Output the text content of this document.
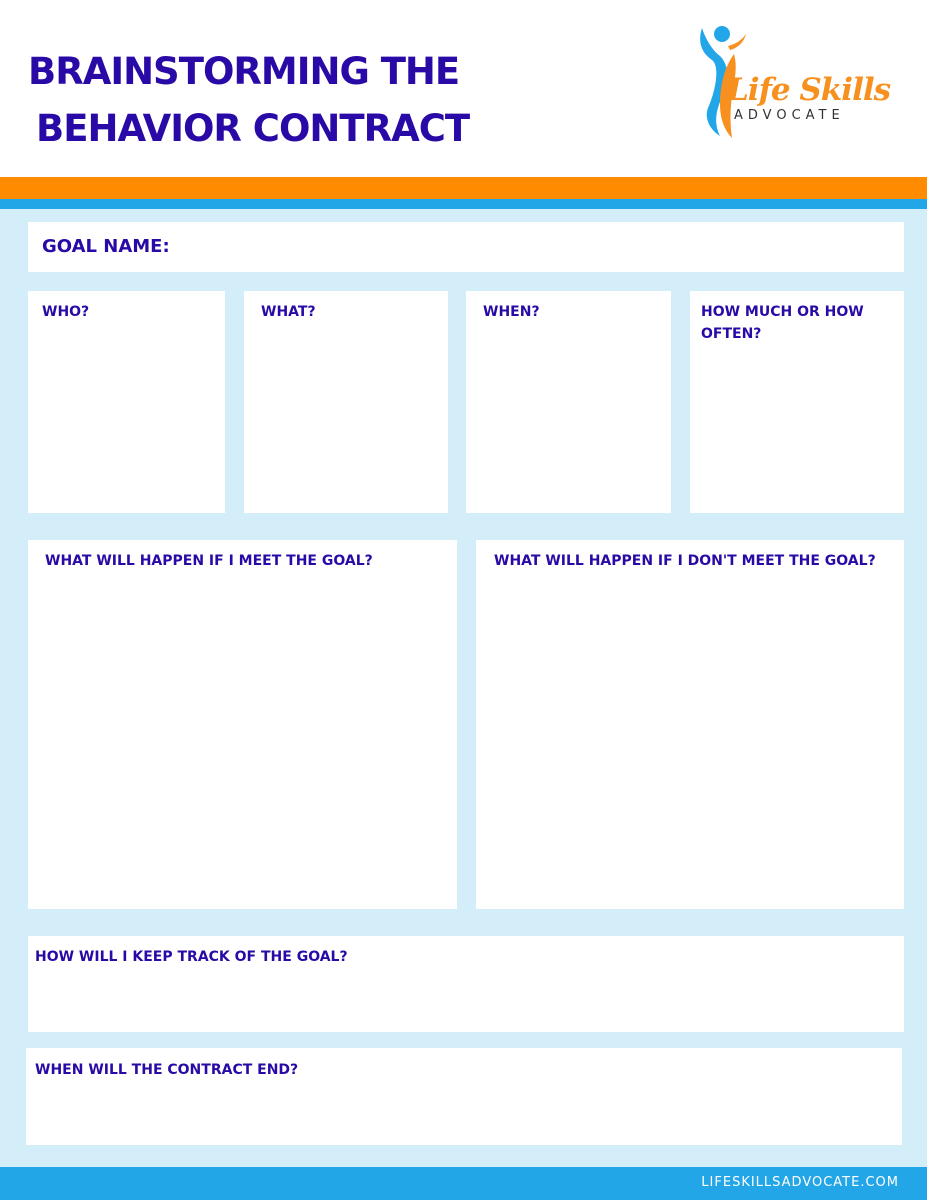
BRAINSTORMING THE
BEHAVIOR CONTRACT
Life Skills
ADVOCATE

GOAL NAME:

WHO?	WHAT?	WHEN?	HOW MUCH OR HOW OFTEN?

WHAT WILL HAPPEN IF I MEET THE GOAL?	WHAT WILL HAPPEN IF I DON'T MEET THE GOAL?

HOW WILL I KEEP TRACK OF THE GOAL?

WHEN WILL THE CONTRACT END?

LIFESKILLSADVOCATE.COM
